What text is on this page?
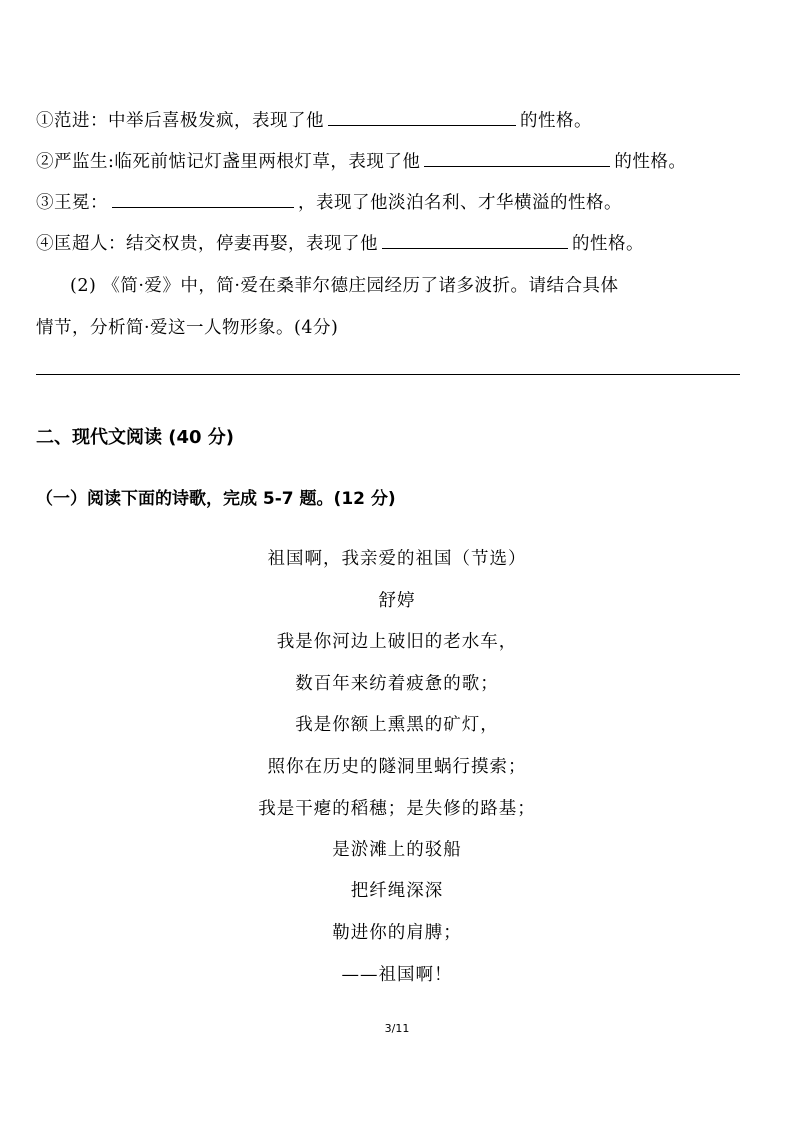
①范进：中举后喜极发疯，表现了他	的性格。
②严监生:临死前惦记灯盏里两根灯草，表现了他	的性格。
③王冕：	，表现了他淡泊名利、才华横溢的性格。
④匡超人：结交权贵，停妻再娶，表现了他	的性格。
(2) 《简·爱》中，简·爱在桑菲尔德庄园经历了诸多波折。请结合具体
情节，分析简·爱这一人物形象。(4分)
二、现代文阅读 (40 分)
（一）阅读下面的诗歌，完成 5-7 题。(12 分)
祖国啊，我亲爱的祖国（节选）
舒婷
我是你河边上破旧的老水车，
数百年来纺着疲惫的歌；
我是你额上熏黑的矿灯，
照你在历史的隧洞里蜗行摸索；
我是干瘪的稻穗；是失修的路基；
是淤滩上的驳船
把纤绳深深
勒进你的肩膊；
——祖国啊！
3/11
